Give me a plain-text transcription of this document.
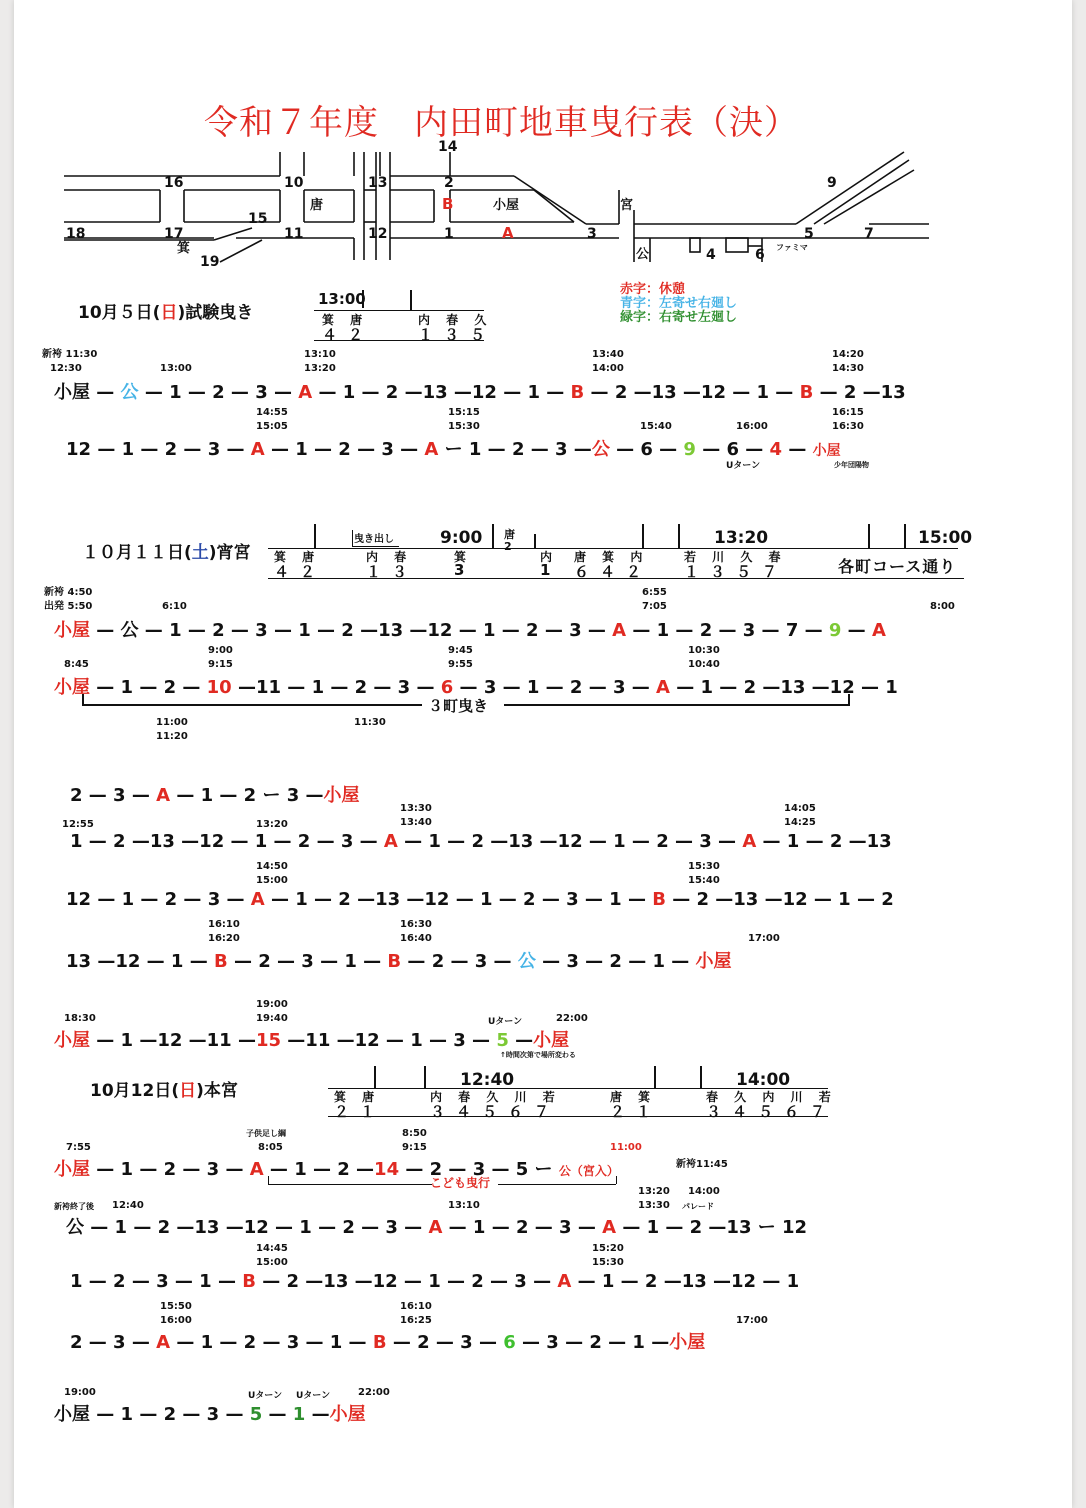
令和７年度　内田町地車曳行表（決）
14
16	10	13	2	9
唐	B	小屋	宮
15
18	17	11	12	1	A	3	5	7
箕
19	公	4	6 ファミマ
赤字：休憩
青字：左寄せ右廻し
緑字：右寄せ左廻し
10月５日(日)試験曳き
13:00
箕 唐
４２
内 春 久
１３５
新袴 11:30
12:30	13:00
13:10
13:20
13:40
14:00
14:20
14:30
小屋 — 公 — 1 — 2 — 3 — A — 1 — 2 —13 —12 — 1 — B — 2 —13 —12 — 1 — B — 2 —13
14:55
15:05
15:15
15:30	15:40	16:00
16:15
16:30
12 — 1 — 2 — 3 — A — 1 — 2 — 3 — A ー 1 — 2 — 3 —公 — 6 — 9 — 6 — 4 — 小屋
Uターン	少年団陽物
１０月１１日(土)宵宮 箕 唐
４２
曳き出し
内 春
１３
9:00 唐
2
箕
3
内
1
唐 箕 内
６４２
13:20
若 川 久 春
１３５７
15:00
各町コース通り
新袴 4:50
出発 5:50	6:10
6:55
7:05	8:00
小屋 — 公 — 1 — 2 — 3 — 1 — 2 —13 —12 — 1 — 2 — 3 — A — 1 — 2 — 3 — 7 — 9 — A
8:45
9:00
9:15
9:45
9:55
10:30
10:40
小屋 — 1 — 2 — 10 —11 — 1 — 2 — 3 — 6 — 3 — 1 — 2 — 3 — A — 1 — 2 —13 —12 — 1
３町曳き
11:00
11:20
11:30
2 — 3 — A — 1 — 2 ー 3 —小屋
12:55	13:20
13:30
13:40
14:05
14:25
1 — 2 —13 —12 — 1 — 2 — 3 — A — 1 — 2 —13 —12 — 1 — 2 — 3 — A — 1 — 2 —13
14:50
15:00
15:30
15:40
12 — 1 — 2 — 3 — A — 1 — 2 —13 —12 — 1 — 2 — 3 — 1 — B — 2 —13 —12 — 1 — 2
16:10
16:20
16:30
16:40	17:00
13 —12 — 1 — B — 2 — 3 — 1 — B — 2 — 3 — 公 — 3 — 2 — 1 — 小屋
18:30
19:00
19:40	Uターン	22:00
小屋 — 1 —12 —11 —15 —11 —12 — 1 — 3 — 5 —小屋
↑時間次第で場所変わる
10月12日(日)本宮	箕 唐
２１
12:40
内 春 久 川 若
３４５６７
唐 箕
２１
14:00
春 久 内 川 若
３４５６７
7:55
子供足し綱
8:05
8:50
9:15	11:00
新袴11:45
小屋 — 1 — 2 — 3 — A — 1 — 2 —14 — 2 — 3 — 5 ー 公（宮入）
こども曳行
新袴終了後 12:40	13:10
13:20
13:30
14:00
パレード
公 — 1 — 2 —13 —12 — 1 — 2 — 3 — A — 1 — 2 — 3 — A — 1 — 2 —13 ー 12
14:45
15:00
15:20
15:30
1 — 2 — 3 — 1 — B — 2 —13 —12 — 1 — 2 — 3 — A — 1 — 2 —13 —12 — 1
15:50
16:00
16:10
16:25	17:00
2 — 3 — A — 1 — 2 — 3 — 1 — B — 2 — 3 — 6 — 3 — 2 — 1 —小屋
19:00	Uターン Uターン	22:00
小屋 — 1 — 2 — 3 — 5 — 1 —小屋
